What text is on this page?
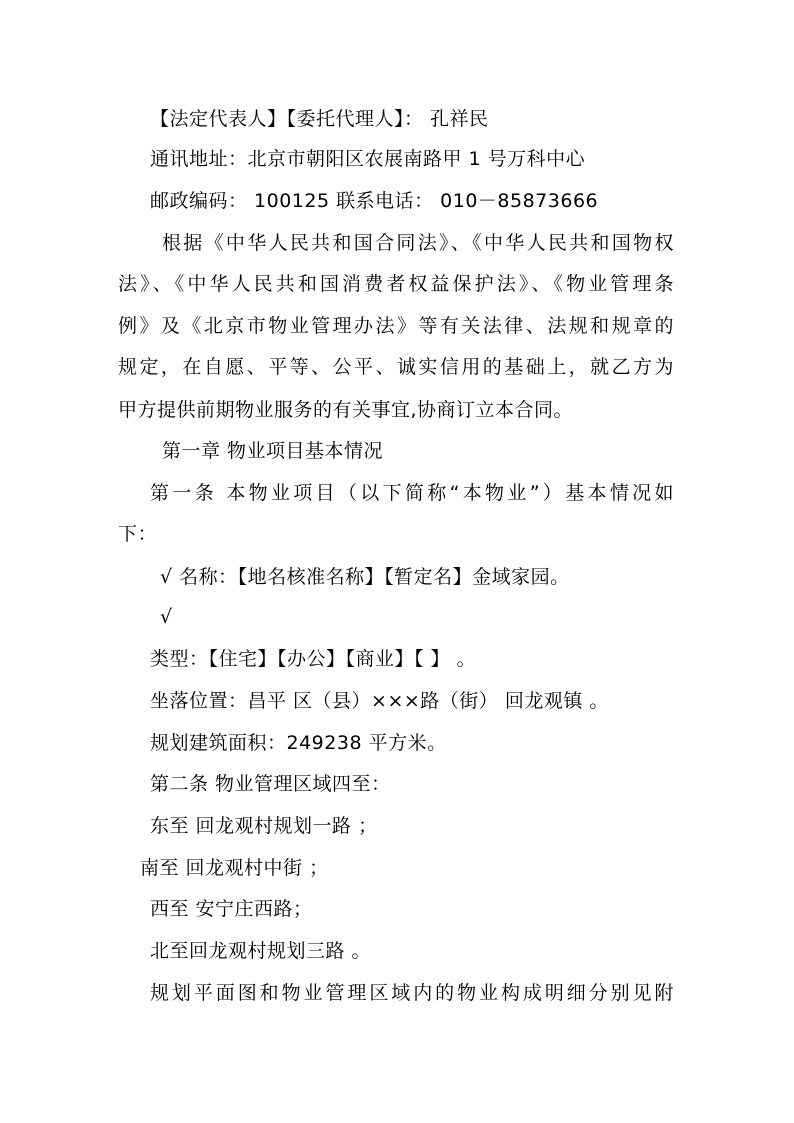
【法定代表人】【委托代理人】： 孔祥民
通讯地址：北京市朝阳区农展南路甲 1 号万科中心
邮政编码： 100125 联系电话： 010－85873666
根据《中华人民共和国合同法》、《中华人民共和国物权
法》、《中华人民共和国消费者权益保护法》、《物业管理条
例》及《北京市物业管理办法》等有关法律、法规和规章的
规定，在自愿、平等、公平、诚实信用的基础上，就乙方为
甲方提供前期物业服务的有关事宜,协商订立本合同。
第一章 物业项目基本情况
第一条 本物业项目（以下简称“本物业”）基本情况如
下：
√ 名称：【地名核准名称】【暂定名】金域家园。
√
类型：【住宅】【办公】【商业】【 】 。
坐落位置：昌平 区（县）×××路（街） 回龙观镇 。
规划建筑面积：249238 平方米。
第二条 物业管理区域四至：
东至 回龙观村规划一路 ；
南至 回龙观村中街 ；
西至 安宁庄西路；
北至回龙观村规划三路 。
规划平面图和物业管理区域内的物业构成明细分别见附
